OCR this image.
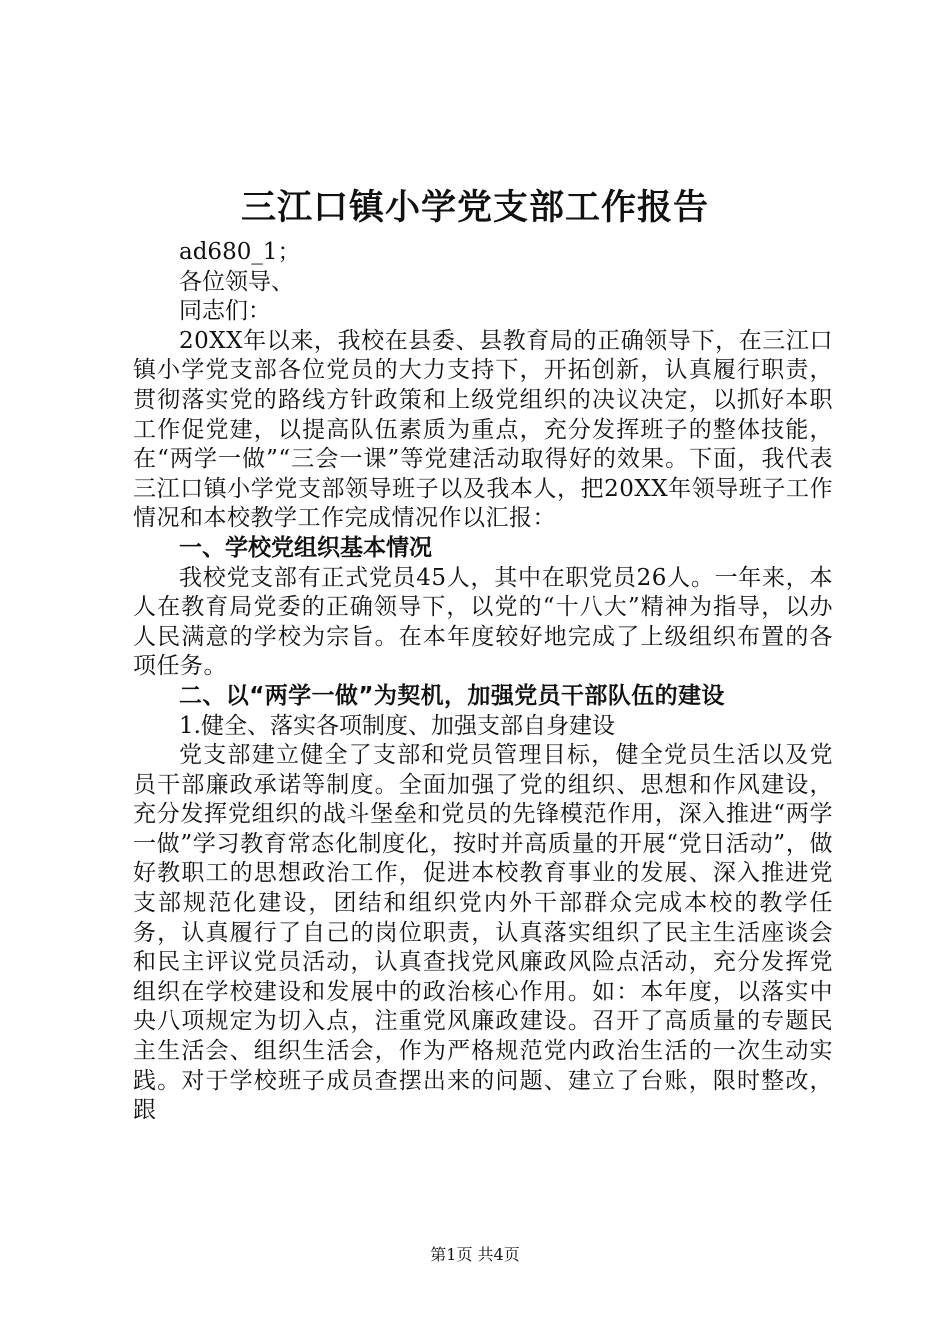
三江口镇小学党支部工作报告

ad680_1；

各位领导、

同志们：

20XX年以来，我校在县委、县教育局的正确领导下，在三江口镇小学党支部各位党员的大力支持下，开拓创新，认真履行职责，贯彻落实党的路线方针政策和上级党组织的决议决定，以抓好本职工作促党建，以提高队伍素质为重点，充分发挥班子的整体技能，在“两学一做”“三会一课”等党建活动取得好的效果。下面，我代表三江口镇小学党支部领导班子以及我本人，把20XX年领导班子工作情况和本校教学工作完成情况作以汇报：

一、学校党组织基本情况

我校党支部有正式党员45人，其中在职党员26人。一年来，本人在教育局党委的正确领导下，以党的“十八大”精神为指导，以办人民满意的学校为宗旨。在本年度较好地完成了上级组织布置的各项任务。

二、以“两学一做”为契机，加强党员干部队伍的建设

1.健全、落实各项制度、加强支部自身建设

党支部建立健全了支部和党员管理目标，健全党员生活以及党员干部廉政承诺等制度。全面加强了党的组织、思想和作风建设，充分发挥党组织的战斗堡垒和党员的先锋模范作用，深入推进“两学一做”学习教育常态化制度化，按时并高质量的开展“党日活动”，做好教职工的思想政治工作，促进本校教育事业的发展、深入推进党支部规范化建设，团结和组织党内外干部群众完成本校的教学任务，认真履行了自己的岗位职责，认真落实组织了民主生活座谈会和民主评议党员活动，认真查找党风廉政风险点活动，充分发挥党组织在学校建设和发展中的政治核心作用。如：本年度，以落实中央八项规定为切入点，注重党风廉政建设。召开了高质量的专题民主生活会、组织生活会，作为严格规范党内政治生活的一次生动实践。对于学校班子成员查摆出来的问题、建立了台账，限时整改，跟

第1页 共4页
